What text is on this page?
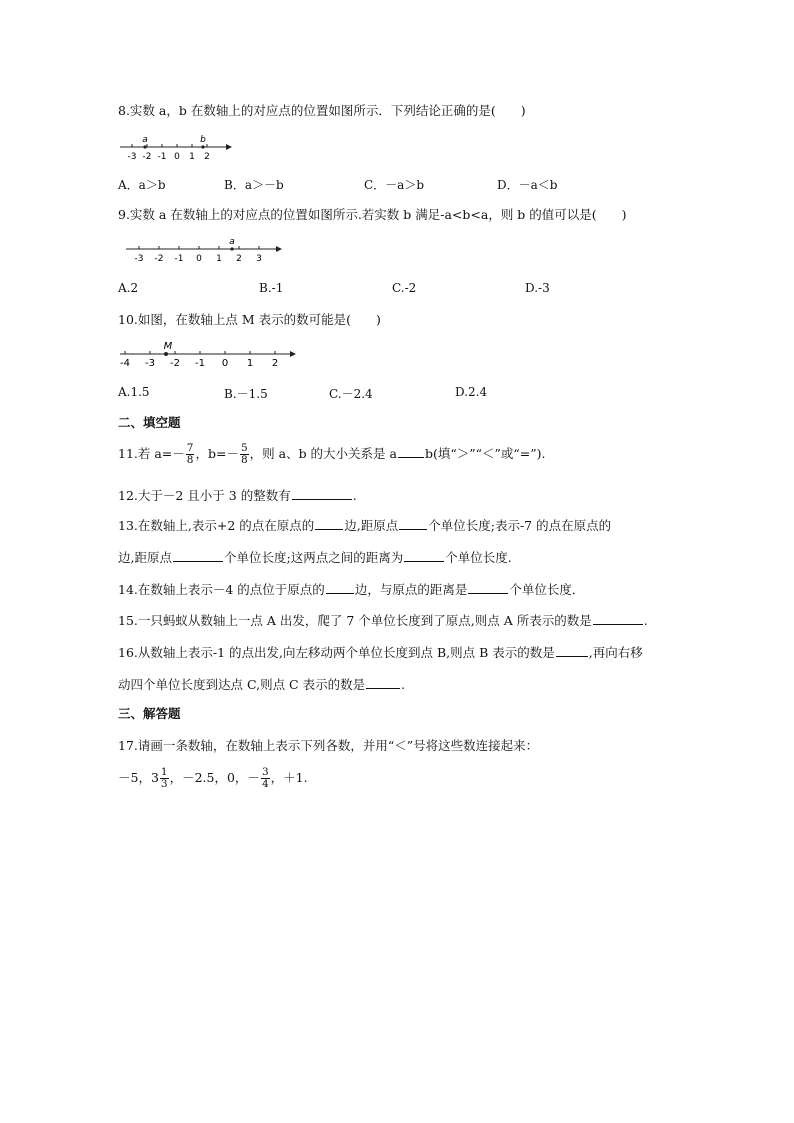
8.实数 a，b 在数轴上的对应点的位置如图所示．下列结论正确的是(　　)
-3 -2 -1 0 1 2
a	b
A．a＞b	B．a＞－b	C．－a＞b	D．－a＜b
9.实数 a 在数轴上的对应点的位置如图所示.若实数 b 满足-a<b<a，则 b 的值可以是(　　)
-3 -2 -1 0 1 2 3
a
A.2	B.-1	C.-2	D.-3
10.如图，在数轴上点 M 表示的数可能是(　　)
-4 -3 -2 -1 0 1 2
M
A.1.5	B.－1.5	C.－2.4	D.2.4
二、填空题
11.若 $a=- \frac{7}{8}$ ，$b=- \frac{5}{8}$ ，则 a、b 的大小关系是 a b(填“＞”“＜”或“=”).
12.大于－2 且小于 3 的整数有	.
13.在数轴上,表示+2 的点在原点的 边,距原点 个单位长度;表示-7 的点在原点的
边,距原点	个单位长度;这两点之间的距离为	个单位长度.
14.在数轴上表示－4 的点位于原点的 边，与原点的距离是	个单位长度．
15.一只蚂蚁从数轴上一点 A 出发，爬了 7 个单位长度到了原点,则点 A 所表示的数是	.
16.从数轴上表示-1 的点出发,向左移动两个单位长度到点 B,则点 B 表示的数是	,再向右移
动四个单位长度到达点 C,则点 C 表示的数是	.
三、解答题
17.请画一条数轴，在数轴上表示下列各数，并用“＜”号将这些数连接起来：
－5，$3 \frac{1}{3}$ ，－2.5，0，－ $\frac{3}{4}$ ，＋1.
